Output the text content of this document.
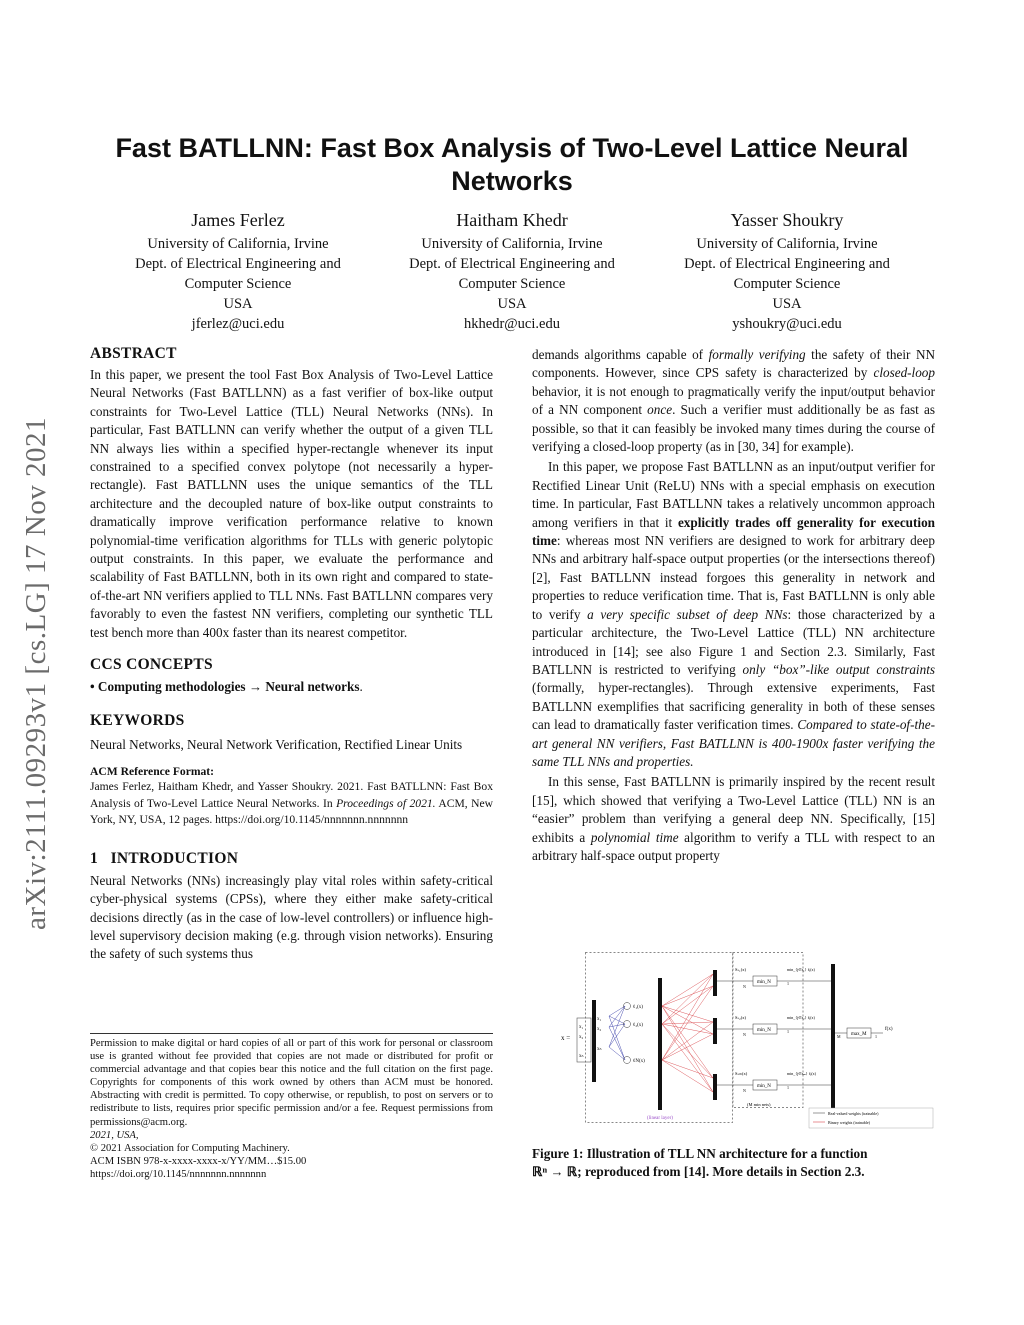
Fast BATLLNN: Fast Box Analysis of Two-Level Lattice Neural
Networks
James Ferlez
University of California, Irvine
Dept. of Electrical Engineering and
Computer Science
USA
jferlez@uci.edu
Haitham Khedr
University of California, Irvine
Dept. of Electrical Engineering and
Computer Science
USA
hkhedr@uci.edu
Yasser Shoukry
University of California, Irvine
Dept. of Electrical Engineering and
Computer Science
USA
yshoukry@uci.edu
arXiv:2111.09293v1 [cs.LG] 17 Nov 2021
ABSTRACT

In this paper, we present the tool Fast Box Analysis of Two-Level Lattice Neural Networks (Fast BATLLNN) as a fast verifier of box-like output constraints for Two-Level Lattice (TLL) Neural Networks (NNs). In particular, Fast BATLLNN can verify whether the output of a given TLL NN always lies within a specified hyper-rectangle whenever its input constrained to a specified convex polytope (not necessarily a hyper-rectangle). Fast BATLLNN uses the unique semantics of the TLL architecture and the decoupled nature of box-like output constraints to dramatically improve verification performance relative to known polynomial-time verification algorithms for TLLs with generic polytopic output constraints. In this paper, we evaluate the performance and scalability of Fast BATLLNN, both in its own right and compared to state-of-the-art NN verifiers applied to TLL NNs. Fast BATLLNN compares very favorably to even the fastest NN verifiers, completing our synthetic TLL test bench more than 400x faster than its nearest competitor.

CCS CONCEPTS

• Computing methodologies → Neural networks.

KEYWORDS

Neural Networks, Neural Network Verification, Rectified Linear Units

ACM Reference Format:

James Ferlez, Haitham Khedr, and Yasser Shoukry. 2021. Fast BATLLNN: Fast Box Analysis of Two-Level Lattice Neural Networks. In Proceedings of 2021. ACM, New York, NY, USA, 12 pages. https://doi.org/10.1145/nnnnnnn.nnnnnnn

1 INTRODUCTION

Neural Networks (NNs) increasingly play vital roles within safety-critical cyber-physical systems (CPSs), where they either make safety-critical decisions directly (as in the case of low-level controllers) or influence high-level supervisory decision making (e.g. through vision networks). Ensuring the safety of such systems thus

Permission to make digital or hard copies of all or part of this work for personal or classroom use is granted without fee provided that copies are not made or distributed for profit or commercial advantage and that copies bear this notice and the full citation on the first page. Copyrights for components of this work owned by others than ACM must be honored. Abstracting with credit is permitted. To copy otherwise, or republish, to post on servers or to redistribute to lists, requires prior specific permission and/or a fee. Request permissions from permissions@acm.org.
2021, USA,
© 2021 Association for Computing Machinery.
ACM ISBN 978-x-xxxx-xxxx-x/YY/MM…$15.00
https://doi.org/10.1145/nnnnnnn.nnnnnnn

demands algorithms capable of formally verifying the safety of their NN components. However, since CPS safety is characterized by closed-loop behavior, it is not enough to pragmatically verify the input/output behavior of a NN component once. Such a verifier must additionally be as fast as possible, so that it can feasibly be invoked many times during the course of verifying a closed-loop property (as in [30, 34] for example).

In this paper, we propose Fast BATLLNN as an input/output verifier for Rectified Linear Unit (ReLU) NNs with a special emphasis on execution time. In particular, Fast BATLLNN takes a relatively uncommon approach among verifiers in that it explicitly trades off generality for execution time: whereas most NN verifiers are designed to work for arbitrary deep NNs and arbitrary half-space output properties (or the intersections thereof) [2], Fast BATLLNN instead forgoes this generality in network and properties to reduce verification time. That is, Fast BATLLNN is only able to verify a very specific subset of deep NNs: those characterized by a particular architecture, the Two-Level Lattice (TLL) NN architecture introduced in [14]; see also Figure 1 and Section 2.3. Similarly, Fast BATLLNN is restricted to verifying only “box”-like output constraints (formally, hyper-rectangles). Through extensive experiments, Fast BATLLNN exemplifies that sacrificing generality in both of these senses can lead to dramatically faster verification times. Compared to state-of-the-art general NN verifiers, Fast BATLLNN is 400-1900x faster verifying the same TLL NNs and properties.

In this sense, Fast BATLLNN is primarily inspired by the recent result [15], which showed that verifying a Two-Level Lattice (TLL) NN is an “easier” problem than verifying a general deep NN. Specifically, [15] exhibits a polynomial time algorithm to verify a TLL with respect to an arbitrary half-space output property

x =
x₁
x₂
xₙ
x₁
x₂
xₙ
ℓ₁(x)
ℓ₂(x)
ℓN(x)
Sₛ₁(x)
Sₛ₂(x)
Sₛₘ(x)
min_N
min_N
min_N
N
N
N
min_{j∈s₁} ℓⱼ(x)
min_{j∈s₂} ℓⱼ(x)
min_{j∈sₘ} ℓⱼ(x)
1
1
1
M max_M 1
f(x)
(linear layer)
(M min nets)
Real-valued weights (trainable)
Binary weights (trainable)
Figure 1: Illustration of TLL NN architecture for a function
ℝⁿ → ℝ; reproduced from [14]. More details in Section 2.3.
